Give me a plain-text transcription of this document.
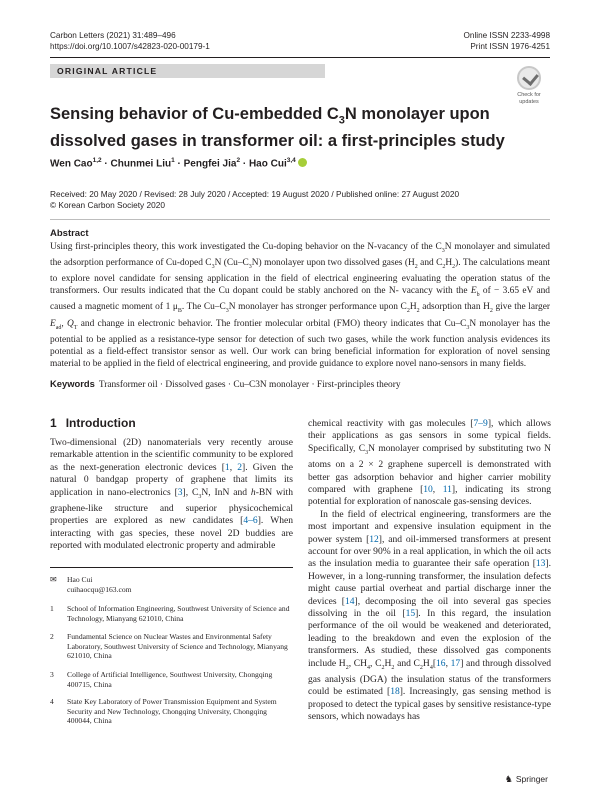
Carbon Letters (2021) 31:489–496
https://doi.org/10.1007/s42823-020-00179-1
Online ISSN 2233-4998
Print ISSN 1976-4251
ORIGINAL ARTICLE
Check for
updates
Sensing behavior of Cu-embedded $C_3N$ monolayer upon dissolved gases in transformer oil: a first-principles study
Wen Cao$^{1,2}$ · Chunmei Liu$^1$ · Pengfei Jia$^2$ · Hao Cui$^{3,4}$
Received: 20 May 2020 / Revised: 28 July 2020 / Accepted: 19 August 2020 / Published online: 27 August 2020
© Korean Carbon Society 2020
Abstract
Using first-principles theory, this work investigated the Cu-doping behavior on the N-vacancy of the $C_3N$ monolayer and simulated the adsorption performance of Cu-doped $C_3N$ $(Cu-C_3N)$ monolayer upon two dissolved gases ($H_2$ and $C_2H_2$). The calculations meant to explore novel candidate for sensing application in the field of electrical engineering evaluating the operation status of the transformers. Our results indicated that the Cu dopant could be stably anchored on the N- vacancy with the $E_b$ of − 3.65 eV and caused a magnetic moment of 1 $\mu_B$. The $Cu-C_3N$ monolayer has stronger performance upon $C_2H_2$ adsorption than $H_2$ give the larger $E_{ad}$, $Q_T$ and change in electronic behavior. The frontier molecular orbital (FMO) theory indicates that $Cu-C_3N$ monolayer has the potential to be applied as a resistance-type sensor for detection of such two gases, while the work function analysis evidences its potential as a field-effect transistor sensor as well. Our work can bring beneficial information for exploration of novel sensing material to be applied in the field of electrical engineering, and provide guidance to explore novel nano-sensors in many fields.
Keywords Transformer oil · Dissolved gases · Cu–C3N monolayer · First-principles theory
1 Introduction

Two-dimensional (2D) nanomaterials very recently arouse remarkable attention in the scientific community to be explored as the next-generation electronic devices [1, 2]. Given the natural 0 bandgap property of graphene that limits its application in nano-electronics [3], $C_3N$, InN and h-BN with graphene-like structure and superior physicochemical properties are explored as new candidates [4–6]. When interacting with gas species, these novel 2D buddies are reported with modulated electronic property and admirable

✉	Hao Cui
cuihaocqu@163.com
1	School of Information Engineering, Southwest University of Science and Technology, Mianyang 621010, China
2	Fundamental Science on Nuclear Wastes and Environmental Safety Laboratory, Southwest University of Science and Technology, Mianyang 621010, China
3	College of Artificial Intelligence, Southwest University, Chongqing 400715, China
4	State Key Laboratory of Power Transmission Equipment and System Security and New Technology, Chongqing University, Chongqing 400044, China

chemical reactivity with gas molecules [7–9], which allows their applications as gas sensors in some typical fields. Specifically, $C_3N$ monolayer comprised by substituting two N atoms on a 2 × 2 graphene supercell is demonstrated with better gas adsorption behavior and higher carrier mobility compared with graphene [10, 11], indicating its strong potential for exploration of nanoscale gas-sensing devices.

In the field of electrical engineering, transformers are the most important and expensive insulation equipment in the power system [12], and oil-immersed transformers at present account for over 90% in a real application, in which the oil acts as the insulation media to guarantee their safe operation [13]. However, in a long-running transformer, the insulation defects might cause partial overheat and partial discharge inner the devices [14], decomposing the oil into several gas species dissolving in the oil [15]. In this regard, the insulation performance of the oil would be weakened and deteriorated, leading to the breakdown and even the explosion of the transformers. As studied, these dissolved gas components include $H_2$, $CH_4$, $C_2H_2$ and $C_2H_4[16$, 17] and through dissolved gas analysis (DGA) the insulation status of the transformers could be estimated [18]. Increasingly, gas sensing method is proposed to detect the typical gases by sensitive resistance-type sensors, which nowadays has

♞ Springer
